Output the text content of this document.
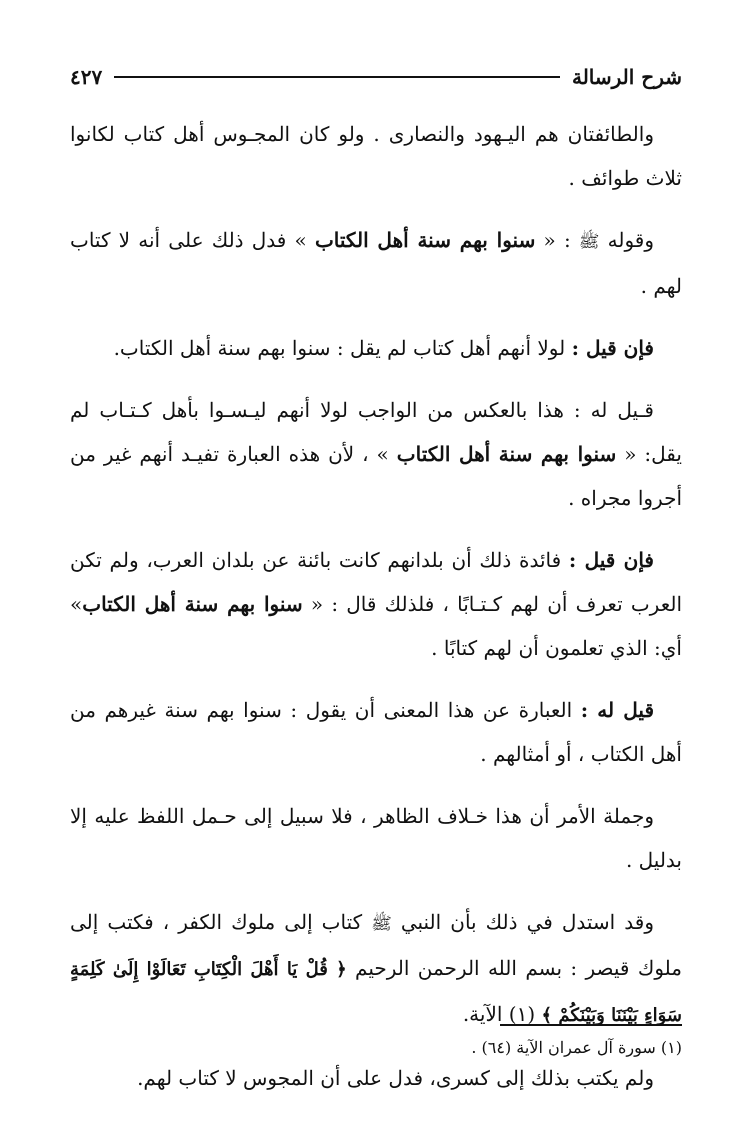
شرح الرسالة
٤٢٧

والطائفتان هم اليـهود والنصارى . ولو كان المجـوس أهل كتاب لكانوا ثلاث طوائف .

وقوله ﷺ : « سنوا بهم سنة أهل الكتاب » فدل ذلك على أنه لا كتاب لهم .

فإن قيل : لولا أنهم أهل كتاب لم يقل : سنوا بهم سنة أهل الكتاب.

قـيل له : هذا بالعكس من الواجب لولا أنهم ليـسـوا بأهل كـتـاب لم يقل: « سنوا بهم سنة أهل الكتاب » ، لأن هذه العبارة تفيـد أنهم غير من أجروا مجراه .

فإن قيل : فائدة ذلك أن بلدانهم كانت بائنة عن بلدان العرب، ولم تكن العرب تعرف أن لهم كـتـابًا ، فلذلك قال : « سنوا بهم سنة أهل الكتاب» أي: الذي تعلمون أن لهم كتابًا .

قيل له : العبارة عن هذا المعنى أن يقول : سنوا بهم سنة غيرهم من أهل الكتاب ، أو أمثالهم .

وجملة الأمر أن هذا خـلاف الظاهر ، فلا سبيل إلى حـمل اللفظ عليه إلا بدليل .

وقد استدل في ذلك بأن النبي ﷺ كتاب إلى ملوك الكفر ، فكتب إلى ملوك قيصر : بسم الله الرحمن الرحيم ﴿ قُلْ يَا أَهْلَ الْكِتَابِ تَعَالَوْا إِلَىٰ كَلِمَةٍ سَوَاءٍ بَيْنَنَا وَبَيْنَكُمْ ﴾ (١) الآية.

ولم يكتب بذلك إلى كسرى، فدل على أن المجوس لا كتاب لهم.

(١) سورة آل عمران الآية (٦٤) .
